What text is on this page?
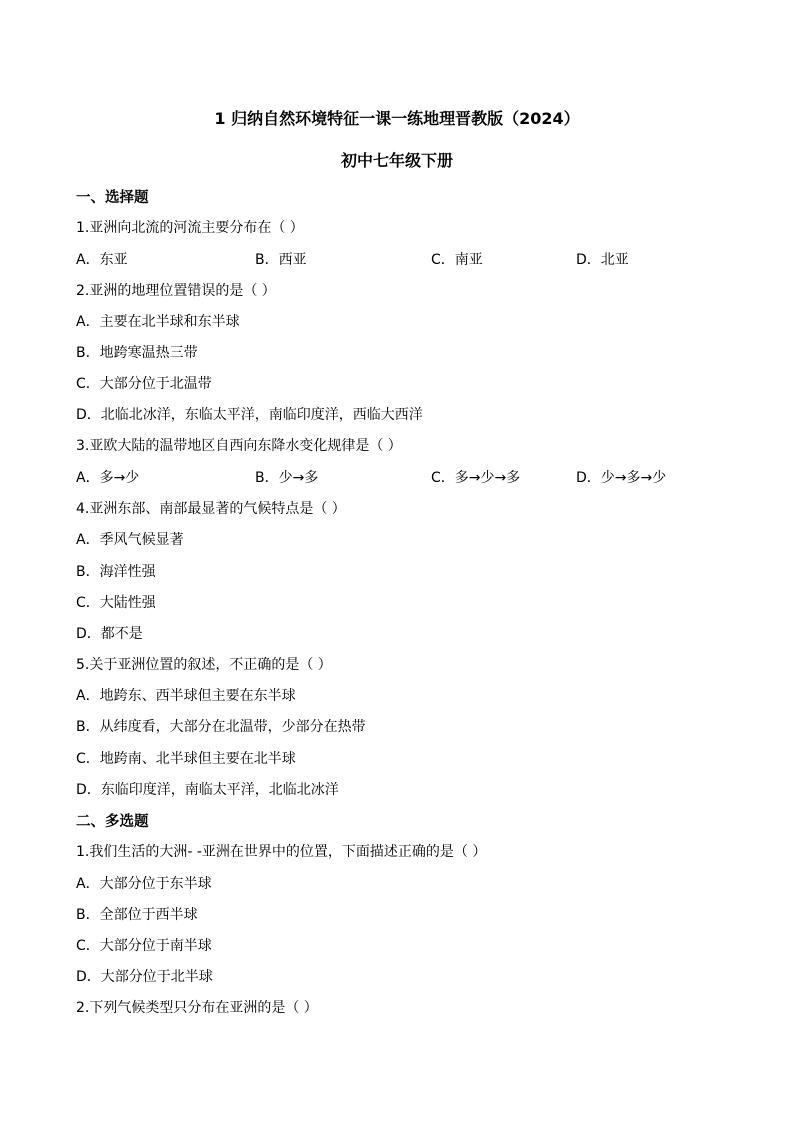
1 归纳自然环境特征一课一练地理晋教版（2024）
初中七年级下册
一、选择题
1.亚洲向北流的河流主要分布在（ ）
A．东亚	B．西亚	C．南亚	D．北亚
2.亚洲的地理位置错误的是（ ）
A．主要在北半球和东半球
B．地跨寒温热三带
C．大部分位于北温带
D．北临北冰洋，东临太平洋，南临印度洋，西临大西洋
3.亚欧大陆的温带地区自西向东降水变化规律是（ ）
A．多→少	B．少→多	C．多→少→多	D．少→多→少
4.亚洲东部、南部最显著的气候特点是（ ）
A．季风气候显著
B．海洋性强
C．大陆性强
D．都不是
5.关于亚洲位置的叙述，不正确的是（ ）
A．地跨东、西半球但主要在东半球
B．从纬度看，大部分在北温带，少部分在热带
C．地跨南、北半球但主要在北半球
D．东临印度洋，南临太平洋，北临北冰洋
二、多选题
1.我们生活的大洲- -亚洲在世界中的位置，下面描述正确的是（ ）
A．大部分位于东半球
B．全部位于西半球
C．大部分位于南半球
D．大部分位于北半球
2.下列气候类型只分布在亚洲的是（ ）
